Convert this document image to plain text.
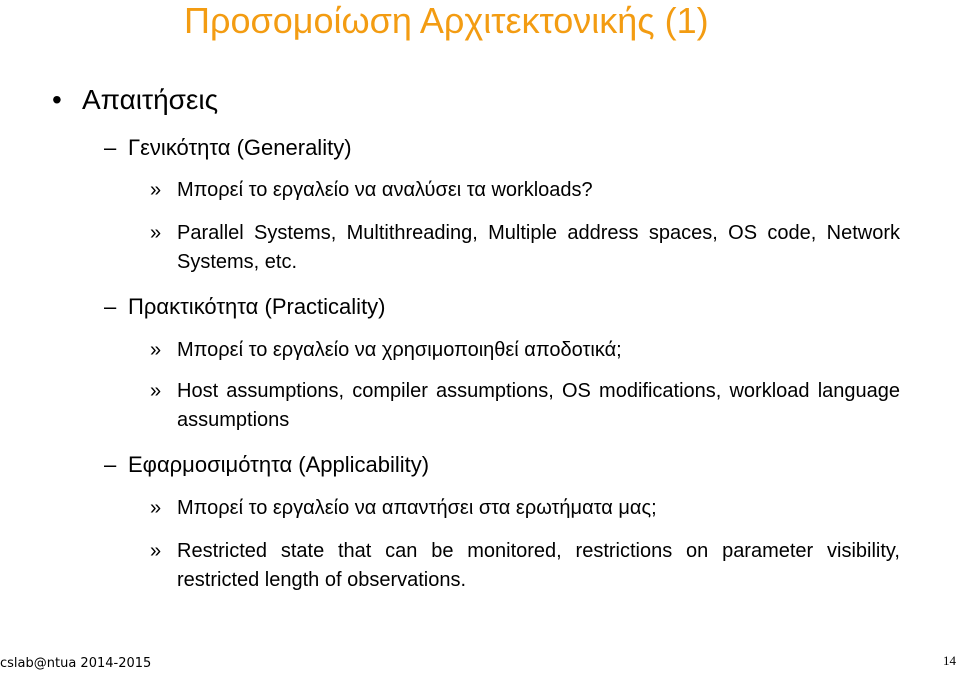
Προσομοίωση Αρχιτεκτονικής (1)
• Απαιτήσεις
– Γενικότητα (Generality)
» Μπορεί το εργαλείο να αναλύσει τα workloads?
» Parallel Systems, Multithreading, Multiple address spaces, OS code, Network Systems, etc.
– Πρακτικότητα (Practicality)
» Μπορεί το εργαλείο να χρησιμοποιηθεί αποδοτικά;
» Host assumptions, compiler assumptions, OS modifications, workload language assumptions
– Εφαρμοσιμότητα (Applicability)
» Μπορεί το εργαλείο να απαντήσει στα ερωτήματα μας;
» Restricted state that can be monitored, restrictions on parameter visibility, restricted length of observations.
cslab@ntua 2014-2015	14
